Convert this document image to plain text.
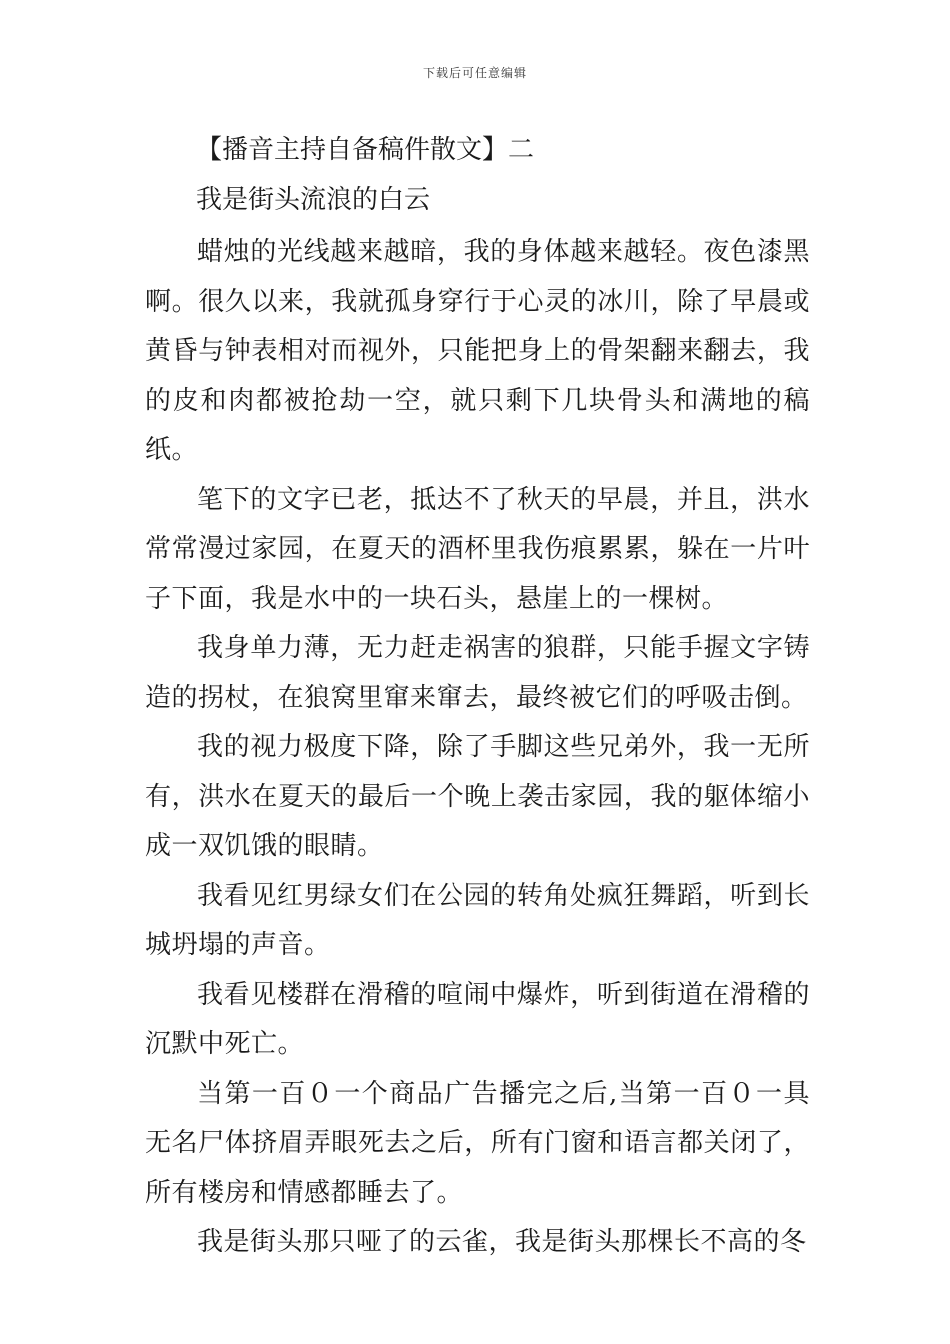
下载后可任意编辑
【播音主持自备稿件散文】二
我是街头流浪的白云

蜡烛的光线越来越暗，我的身体越来越轻。夜色漆黑啊。很久以来，我就孤身穿行于心灵的冰川，除了早晨或黄昏与钟表相对而视外，只能把身上的骨架翻来翻去，我的皮和肉都被抢劫一空，就只剩下几块骨头和满地的稿纸。

笔下的文字已老，抵达不了秋天的早晨，并且，洪水常常漫过家园，在夏天的酒杯里我伤痕累累，躲在一片叶子下面，我是水中的一块石头，悬崖上的一棵树。

我身单力薄，无力赶走祸害的狼群，只能手握文字铸造的拐杖，在狼窝里窜来窜去，最终被它们的呼吸击倒。

我的视力极度下降，除了手脚这些兄弟外，我一无所有，洪水在夏天的最后一个晚上袭击家园，我的躯体缩小成一双饥饿的眼睛。

我看见红男绿女们在公园的转角处疯狂舞蹈，听到长城坍塌的声音。

我看见楼群在滑稽的喧闹中爆炸，听到街道在滑稽的沉默中死亡。

当第一百０一个商品广告播完之后,当第一百０一具无名尸体挤眉弄眼死去之后，所有门窗和语言都关闭了，所有楼房和情感都睡去了。

我是街头那只哑了的云雀，我是街头那棵长不高的冬
